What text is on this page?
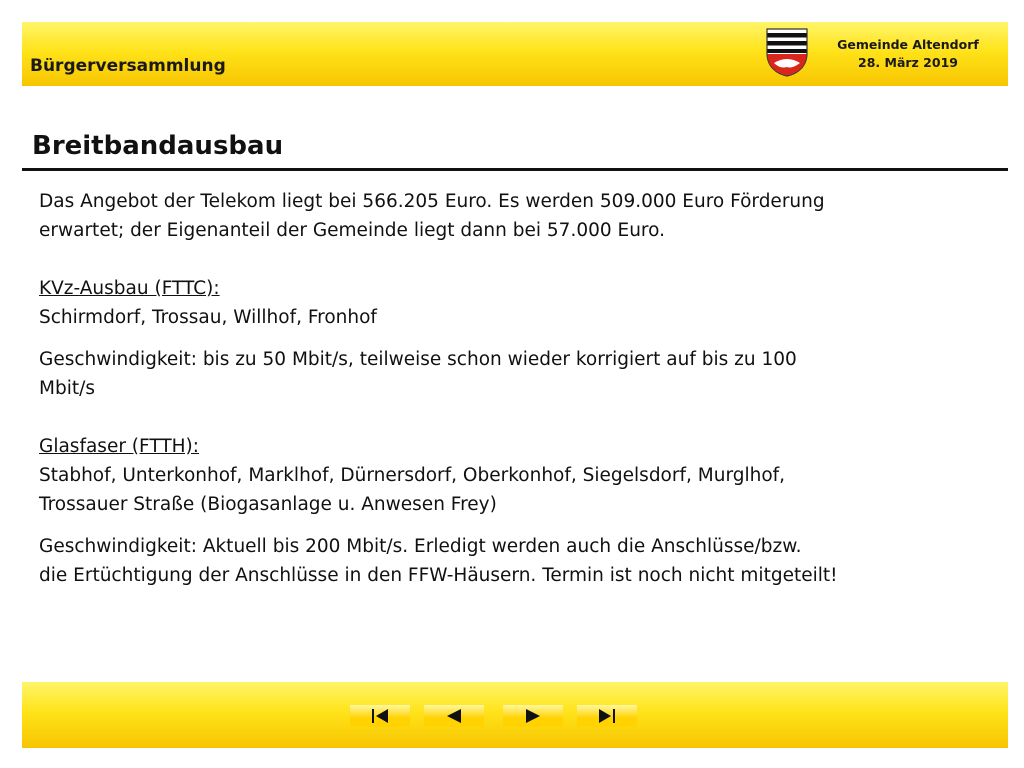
Bürgerversammlung
Gemeinde Altendorf
28. März 2019
Breitbandausbau

Das Angebot der Telekom liegt bei 566.205 Euro. Es werden 509.000 Euro Förderung

erwartet; der Eigenanteil der Gemeinde liegt dann bei 57.000 Euro.

KVz-Ausbau (FTTC):

Schirmdorf, Trossau, Willhof, Fronhof

Geschwindigkeit: bis zu 50 Mbit/s, teilweise schon wieder korrigiert auf bis zu 100

Mbit/s

Glasfaser (FTTH):

Stabhof, Unterkonhof, Marklhof, Dürnersdorf, Oberkonhof, Siegelsdorf, Murglhof,

Trossauer Straße (Biogasanlage u. Anwesen Frey)

Geschwindigkeit: Aktuell bis 200 Mbit/s. Erledigt werden auch die Anschlüsse/bzw.

die Ertüchtigung der Anschlüsse in den FFW-Häusern. Termin ist noch nicht mitgeteilt!
